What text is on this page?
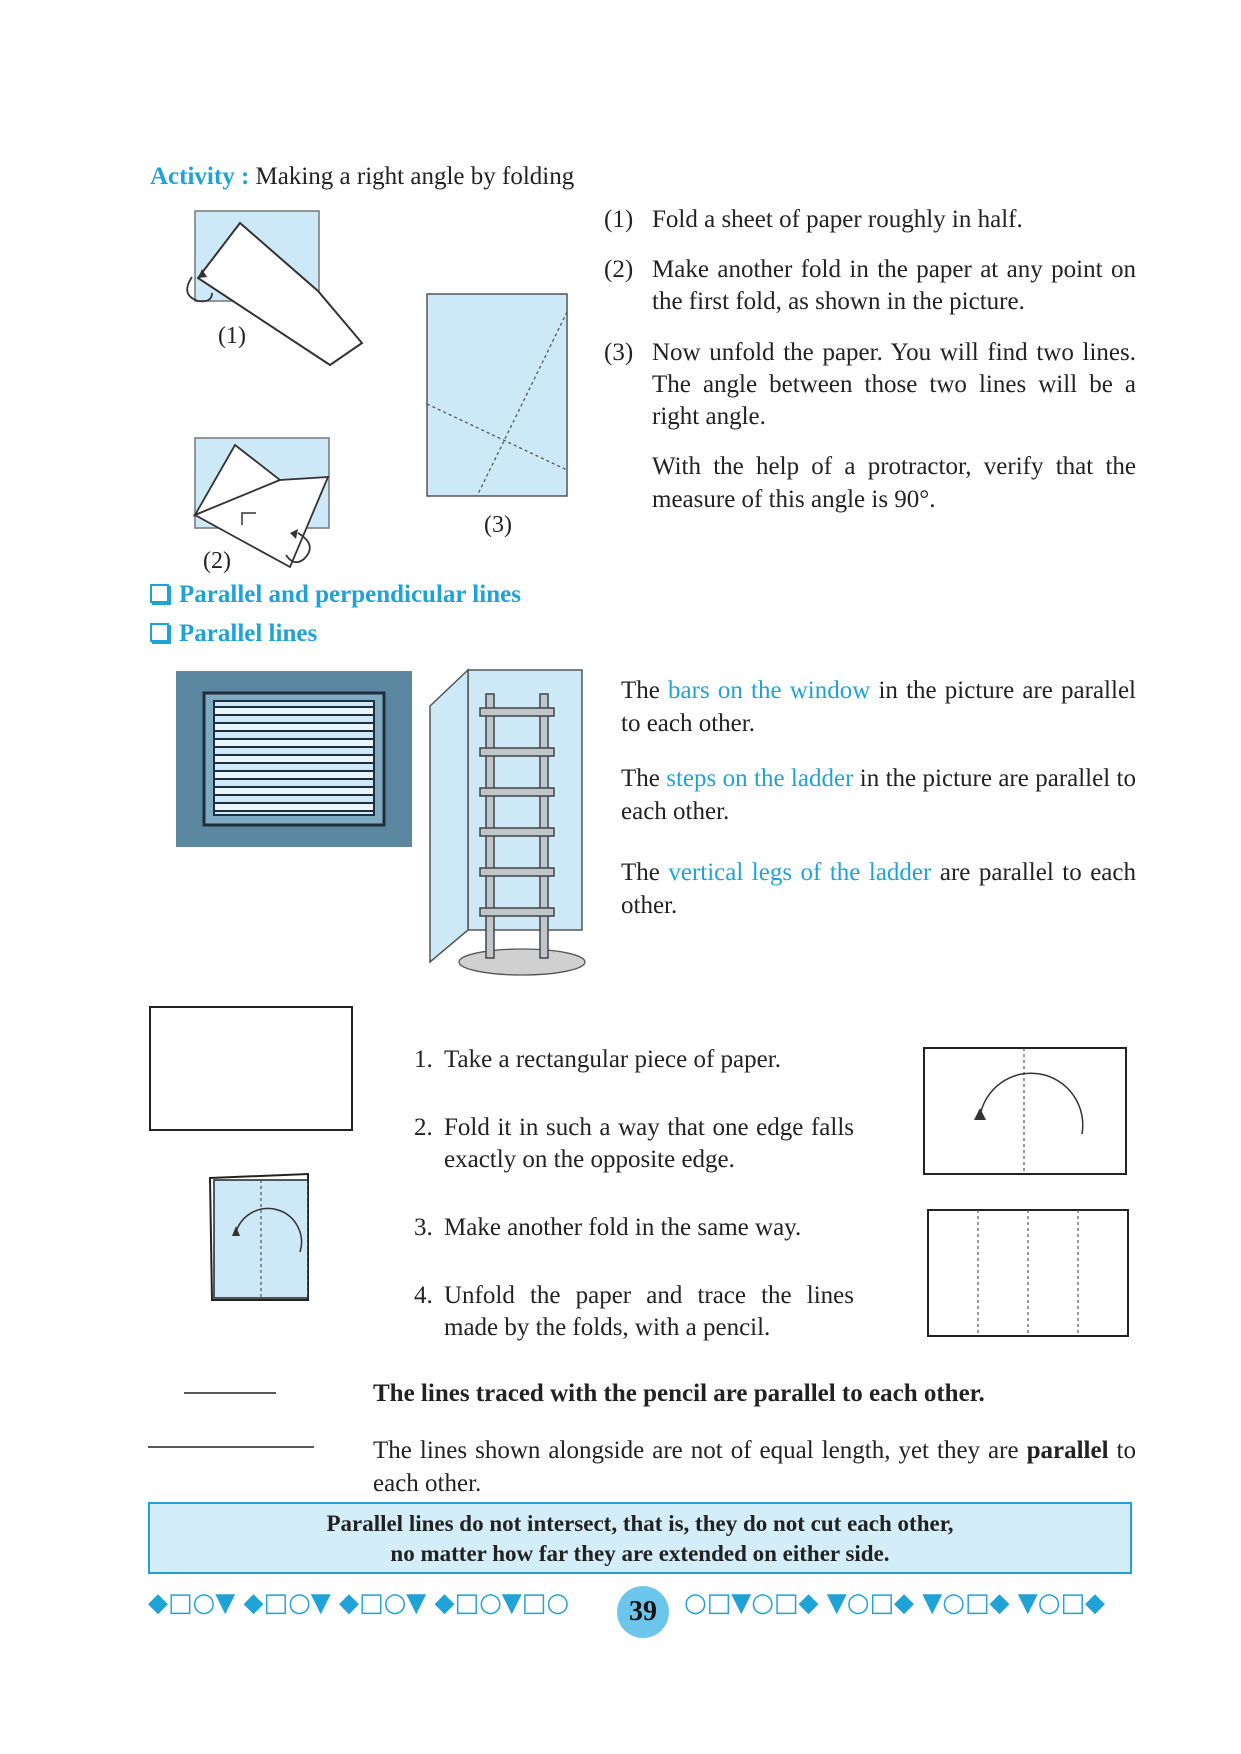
Activity : Making a right angle by folding
(1)
(2)
(3)
(1) Fold a sheet of paper roughly in half.
(2) Make another fold in the paper at any point on the first fold, as shown in the picture.
(3) Now unfold the paper. You will find two lines. The angle between those two lines will be a right angle.
With the help of a protractor, verify that the measure of this angle is 90°.
Parallel and perpendicular lines
Parallel lines
The bars on the window in the picture are parallel to each other.
The steps on the ladder in the picture are parallel to each other.
The vertical legs of the ladder are parallel to each other.
1. Take a rectangular piece of paper.
2. Fold it in such a way that one edge falls exactly on the opposite edge.
3. Make another fold in the same way.
4. Unfold the paper and trace the lines made by the folds, with a pencil.
The lines traced with the pencil are parallel to each other.
The lines shown alongside are not of equal length, yet they are parallel to each other.
Parallel lines do not intersect, that is, they do not cut each other,
no matter how far they are extended on either side.
◆□○▼ ◆□○▼ ◆□○▼ ◆□○▼□○	39	○□▼○□◆ ▼○□◆ ▼○□◆ ▼○□◆
